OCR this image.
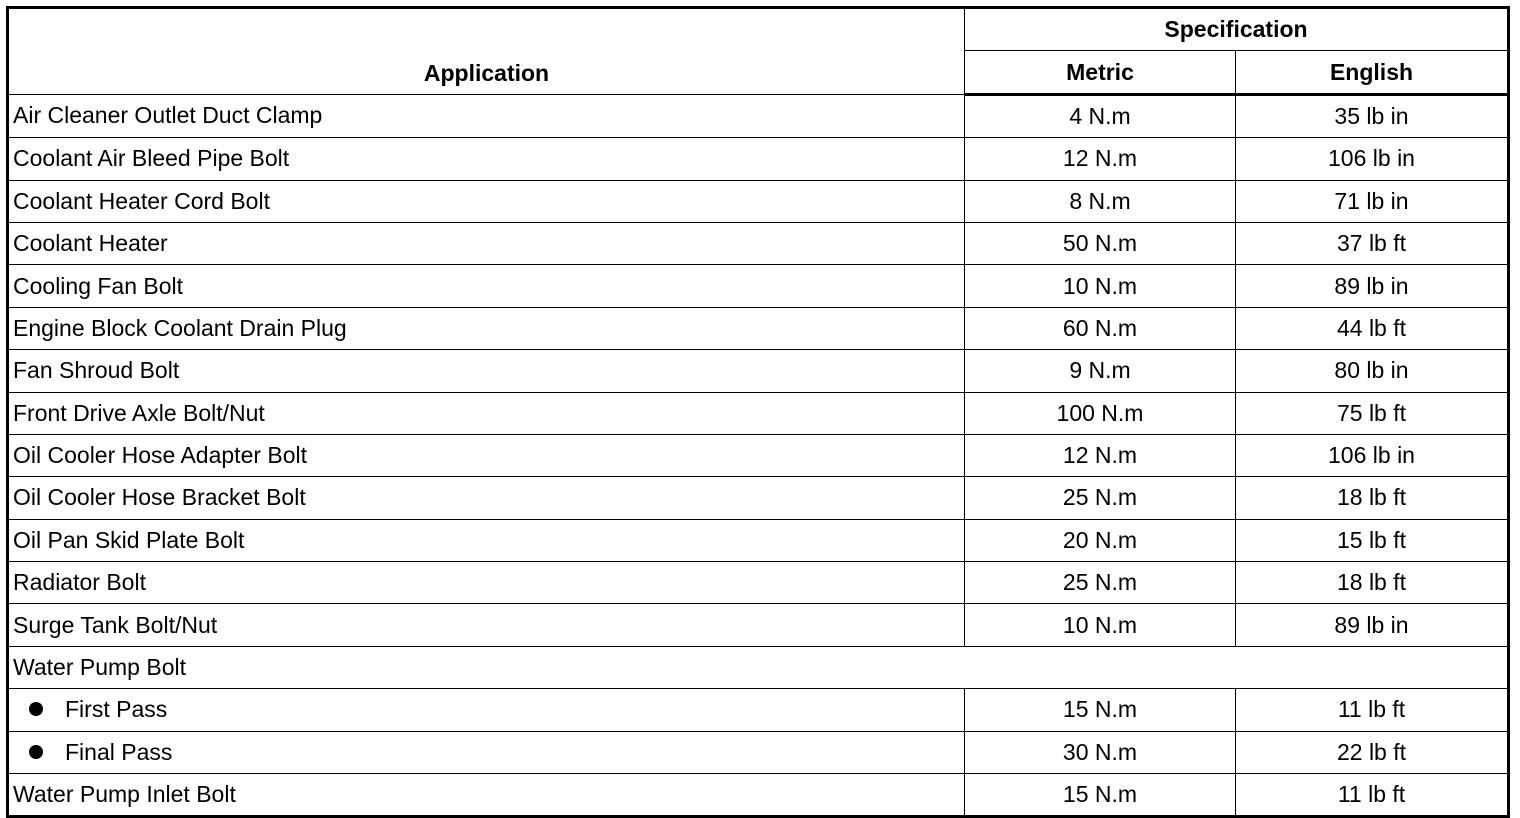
Application	Specification	
	Metric	English
Air Cleaner Outlet Duct Clamp	4 N.m	35 lb in
Coolant Air Bleed Pipe Bolt	12 N.m	106 lb in
Coolant Heater Cord Bolt	8 N.m	71 lb in
Coolant Heater	50 N.m	37 lb ft
Cooling Fan Bolt	10 N.m	89 lb in
Engine Block Coolant Drain Plug	60 N.m	44 lb ft
Fan Shroud Bolt	9 N.m	80 lb in
Front Drive Axle Bolt/Nut	100 N.m	75 lb ft
Oil Cooler Hose Adapter Bolt	12 N.m	106 lb in
Oil Cooler Hose Bracket Bolt	25 N.m	18 lb ft
Oil Pan Skid Plate Bolt	20 N.m	15 lb ft
Radiator Bolt	25 N.m	18 lb ft
Surge Tank Bolt/Nut	10 N.m	89 lb in
Water Pump Bolt		
First Pass	15 N.m	11 lb ft
Final Pass	30 N.m	22 lb ft
Water Pump Inlet Bolt	15 N.m	11 lb ft
